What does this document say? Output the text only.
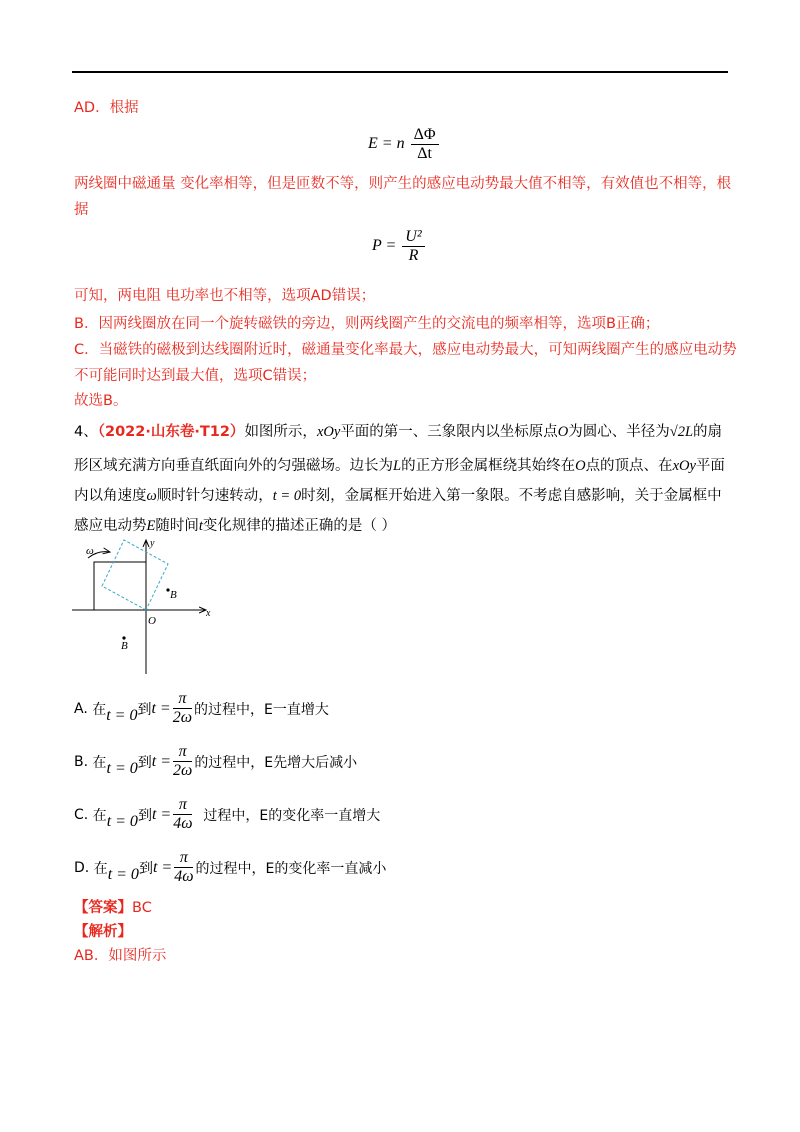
AD．根据
E = n $\frac{\Delta\Phi}{\Delta t}$
两线圈中磁通量 变化率相等，但是匝数不等，则产生的感应电动势最大值不相等，有效值也不相等，根
据
$P = \frac{\text{U²}}{R}$
可知，两电阻 电功率也不相等，选项AD错误；
B．因两线圈放在同一个旋转磁铁的旁边，则两线圈产生的交流电的频率相等，选项B正确；
C．当磁铁的磁极到达线圈附近时，磁通量变化率最大，感应电动势最大，可知两线圈产生的感应电动势
不可能同时达到最大值，选项C错误；
故选B。
4、（2022·山东卷·T12）如图所示，xOy平面的第一、三象限内以坐标原点O为圆心、半径为√2L的扇
形区域充满方向垂直纸面向外的匀强磁场。边长为L的正方形金属框绕其始终在O点的顶点、在xOy平面
内以角速度ω顺时针匀速转动，t = 0时刻，金属框开始进入第一象限。不考虑自感影响，关于金属框中
感应电动势E随时间t变化规律的描述正确的是（ ）
ω
y
x
O
B
B
A.
在 t = 0 到 $t = \frac{\pi}{2\omega}$ 的过程中，E一直增大
B.
在 t = 0 到 $t = \frac{\pi}{2\omega}$ 的过程中，E先增大后减小
C.
在 t = 0 到 $t = \frac{\pi}{4\omega}$ 过程中，E的变化率一直增大
D.
在 t = 0 到 $t = \frac{\pi}{4\omega}$ 的过程中，E的变化率一直减小
【答案】BC
【解析】
AB．如图所示
